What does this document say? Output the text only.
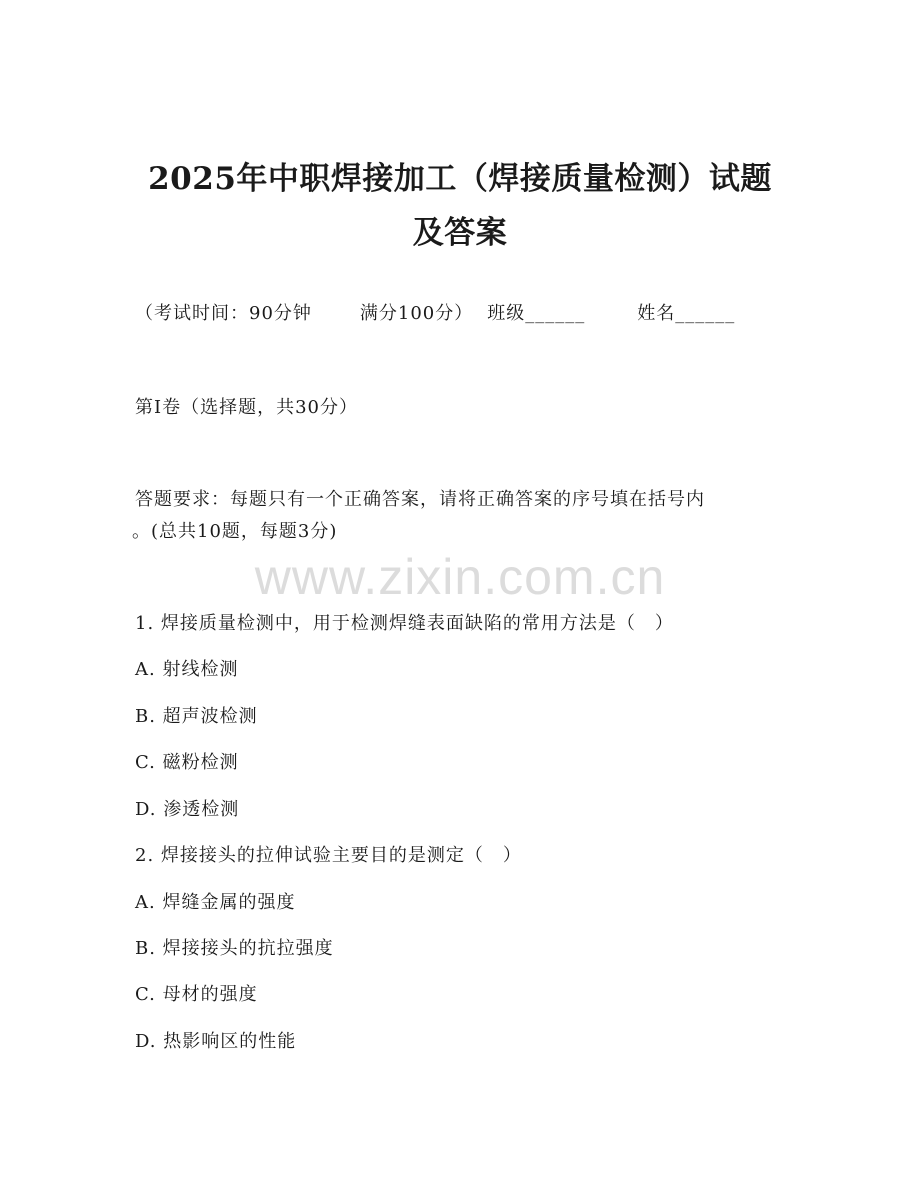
2025年中职焊接加工（焊接质量检测）试题
及答案
（考试时间：90分钟	满分100分） 班级______	姓名______
第Ⅰ卷（选择题，共30分）
答题要求：每题只有一个正确答案，请将正确答案的序号填在括号内
。(总共10题，每题3分)
www.zixin.com.cn
1. 焊接质量检测中，用于检测焊缝表面缺陷的常用方法是（　）
A. 射线检测
B. 超声波检测
C. 磁粉检测
D. 渗透检测
2. 焊接接头的拉伸试验主要目的是测定（　）
A. 焊缝金属的强度
B. 焊接接头的抗拉强度
C. 母材的强度
D. 热影响区的性能
